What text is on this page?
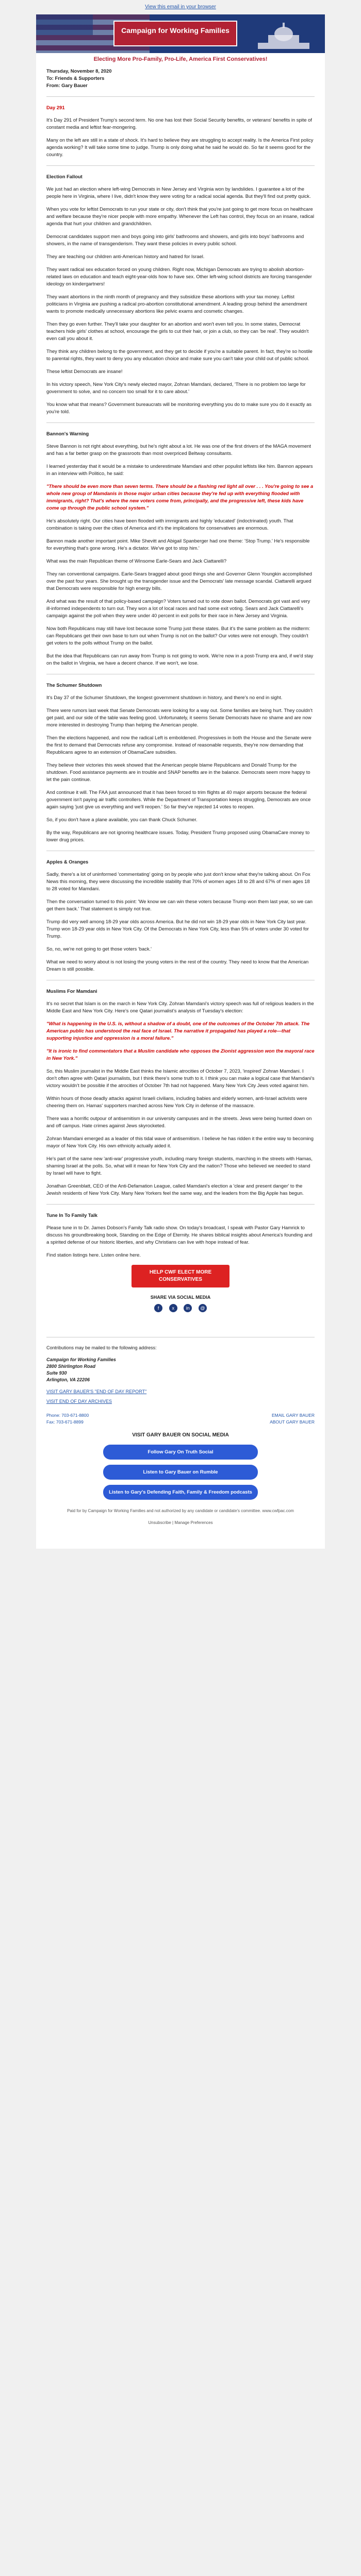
View this email in your browser
Campaign for Working Families
Electing More Pro-Family, Pro-Life, America First Conservatives!
Thursday, November 8, 2020
To: Friends & Supporters
From: Gary Bauer
Day 291

It's Day 291 of President Trump's second term. No one has lost their Social Security benefits, or veterans' benefits in spite of constant media and leftist fear-mongering.

Many on the left are still in a state of shock. It's hard to believe they are struggling to accept reality. Is the America First policy agenda working? It will take some time to judge. Trump is only doing what he said he would do. So far it seems good for the country.

Election Fallout

We just had an election where left-wing Democrats in New Jersey and Virginia won by landslides. I guarantee a lot of the people here in Virginia, where I live, didn't know they were voting for a radical social agenda. But they'll find out pretty quick.

When you vote for leftist Democrats to run your state or city, don't think that you're just going to get more focus on healthcare and welfare because they're nicer people with more empathy. Whenever the Left has control, they focus on an insane, radical agenda that hurt your children and grandchildren.

Democrat candidates support men and boys going into girls' bathrooms and showers, and girls into boys' bathrooms and showers, in the name of transgenderism. They want these policies in every public school.

They are teaching our children anti-American history and hatred for Israel.

They want radical sex education forced on young children. Right now, Michigan Democrats are trying to abolish abortion-related laws on education and teach eight-year-olds how to have sex. Other left-wing school districts are forcing transgender ideology on kindergartners!

They want abortions in the ninth month of pregnancy and they subsidize these abortions with your tax money. Leftist politicians in Virginia are pushing a radical pro-abortion constitutional amendment. A leading group behind the amendment wants to promote medically unnecessary abortions like pelvic exams and cosmetic changes.

Then they go even further. They'll take your daughter for an abortion and won't even tell you. In some states, Democrat teachers hide girls' clothes at school, encourage the girls to cut their hair, or join a club, so they can 'be real'. They wouldn't even call you about it.

They think any children belong to the government, and they get to decide if you're a suitable parent. In fact, they're so hostile to parental rights, they want to deny you any education choice and make sure you can't take your child out of public school.

These leftist Democrats are insane!

In his victory speech, New York City's newly elected mayor, Zohran Mamdani, declared, 'There is no problem too large for government to solve, and no concern too small for it to care about.'

You know what that means? Government bureaucrats will be monitoring everything you do to make sure you do it exactly as you're told.

Bannon's Warning

Steve Bannon is not right about everything, but he's right about a lot. He was one of the first drivers of the MAGA movement and has a far better grasp on the grassroots than most overpriced Beltway consultants.

I learned yesterday that it would be a mistake to underestimate Mamdani and other populist leftists like him. Bannon appears in an interview with Politico, he said:

"There should be even more than seven terms. There should be a flashing red light all over . . . You're going to see a whole new group of Mamdanis in those major urban cities because they're fed up with everything flooded with immigrants, right? That's where the new voters come from, principally, and the progressive left, these kids have come up through the public school system."

He's absolutely right. Our cities have been flooded with immigrants and highly 'educated' (indoctrinated) youth. That combination is taking over the cities of America and it's the implications for conservatives are enormous.

Bannon made another important point. Mike Shevitt and Abigail Spanberger had one theme: 'Stop Trump.' He's responsible for everything that's gone wrong. He's a dictator. We've got to stop him.'

What was the main Republican theme of Winsome Earle-Sears and Jack Ciattarelli?

They ran conventional campaigns. Earle-Sears bragged about good things she and Governor Glenn Youngkin accomplished over the past four years. She brought up the transgender issue and the Democrats' late message scandal. Ciattarelli argued that Democrats were responsible for high energy bills.

And what was the result of that policy-based campaign? Voters turned out to vote down ballot. Democrats got vast and very ill-informed independents to turn out. They won a lot of local races and had some exit voting. Sears and Jack Ciattarelli's campaign against the poll when they were under 40 percent in exit polls for their race in New Jersey and Virginia.

Now both Republicans may still have lost because some Trump just these states. But it's the same problem as the midterm: can Republicans get their own base to turn out when Trump is not on the ballot? Our votes were not enough. They couldn't get voters to the polls without Trump on the ballot.

But the idea that Republicans can run away from Trump is not going to work. We're now in a post-Trump era and, if we'd stay on the ballot in Virginia, we have a decent chance. If we won't, we lose.

The Schumer Shutdown

It's Day 37 of the Schumer Shutdown, the longest government shutdown in history, and there's no end in sight.

There were rumors last week that Senate Democrats were looking for a way out. Some families are being hurt. They couldn't get paid, and our side of the table was feeling good. Unfortunately, it seems Senate Democrats have no shame and are now more interested in destroying Trump than helping the American people.

Then the elections happened, and now the radical Left is emboldened. Progressives in both the House and the Senate were the first to demand that Democrats refuse any compromise. Instead of reasonable requests, they're now demanding that Republicans agree to an extension of ObamaCare subsidies.

They believe their victories this week showed that the American people blame Republicans and Donald Trump for the shutdown. Food assistance payments are in trouble and SNAP benefits are in the balance. Democrats seem more happy to let the pain continue.

And continue it will. The FAA just announced that it has been forced to trim flights at 40 major airports because the federal government isn't paying air traffic controllers. While the Department of Transportation keeps struggling, Democrats are once again saying 'just give us everything and we'll reopen.' So far they've rejected 14 votes to reopen.

So, if you don't have a plane available, you can thank Chuck Schumer.

By the way, Republicans are not ignoring healthcare issues. Today, President Trump proposed using ObamaCare money to lower drug prices.

Apples & Oranges

Sadly, there's a lot of uninformed 'commentating' going on by people who just don't know what they're talking about. On Fox News this morning, they were discussing the incredible stability that 70% of women ages 18 to 28 and 67% of men ages 18 to 28 voted for Mamdani.

Then the conversation turned to this point: 'We know we can win these voters because Trump won them last year, so we can get them back.' That statement is simply not true.

Trump did very well among 18-29 year olds across America. But he did not win 18-29 year olds in New York City last year. Trump won 18-29 year olds in New York City. Of the Democrats in New York City, less than 5% of voters under 30 voted for Trump.

So, no, we're not going to get those voters 'back.'

What we need to worry about is not losing the young voters in the rest of the country. They need to know that the American Dream is still possible.

Muslims For Mamdani

It's no secret that Islam is on the march in New York City. Zohran Mamdani's victory speech was full of religious leaders in the Middle East and New York City. Here's one Qatari journalist's analysis of Tuesday's election:

"What is happening in the U.S. is, without a shadow of a doubt, one of the outcomes of the October 7th attack. The American public has understood the real face of Israel. The narrative it propagated has played a role—that supporting injustice and oppression is a moral failure."

"It is ironic to find commentators that a Muslim candidate who opposes the Zionist aggression won the mayoral race in New York."

So, this Muslim journalist in the Middle East thinks the Islamic atrocities of October 7, 2023, 'inspired' Zohran Mamdani. I don't often agree with Qatari journalists, but I think there's some truth to it. I think you can make a logical case that Mamdani's victory wouldn't be possible if the atrocities of October 7th had not happened. Many New York City Jews voted against him.

Within hours of those deadly attacks against Israeli civilians, including babies and elderly women, anti-Israel activists were cheering them on. Hamas' supporters marched across New York City in defense of the massacre.

There was a horrific outpour of antisemitism in our university campuses and in the streets. Jews were being hunted down on and off campus. Hate crimes against Jews skyrocketed.

Zohran Mamdani emerged as a leader of this tidal wave of antisemitism. I believe he has ridden it the entire way to becoming mayor of New York City. His own ethnicity actually aided it.

He's part of the same new 'anti-war' progressive youth, including many foreign students, marching in the streets with Hamas, shaming Israel at the polls. So, what will it mean for New York City and the nation? Those who believed we needed to stand by Israel will have to fight.

Jonathan Greenblatt, CEO of the Anti-Defamation League, called Mamdani's election a 'clear and present danger' to the Jewish residents of New York City. Many New Yorkers feel the same way, and the leaders from the Big Apple has begun.

Tune In To Family Talk

Please tune in to Dr. James Dobson's Family Talk radio show. On today's broadcast, I speak with Pastor Gary Hamrick to discuss his groundbreaking book, Standing on the Edge of Eternity. He shares biblical insights about America's founding and a spirited defense of our historic liberties, and why Christians can live with hope instead of fear.

Find station listings here. Listen online here.

HELP CWF ELECT MORE CONSERVATIVES
SHARE VIA SOCIAL MEDIA
f	x	in @
Contributions may be mailed to the following address:
Campaign for Working Families
2800 Shirlington Road
Suite 930
Arlington, VA 22206
VISIT GARY BAUER'S "END OF DAY REPORT"
VISIT END OF DAY ARCHIVES
Phone: 703-671-8800
Fax: 703-671-8899
EMAIL GARY BAUER
ABOUT GARY BAUER
VISIT GARY BAUER ON SOCIAL MEDIA
Follow Gary On Truth Social
Listen to Gary Bauer on Rumble
Listen to Gary's Defending Faith, Family & Freedom podcasts
Paid for by Campaign for Working Families and not authorized by any candidate or candidate's committee. www.cwfpac.com
Unsubscribe | Manage Preferences
